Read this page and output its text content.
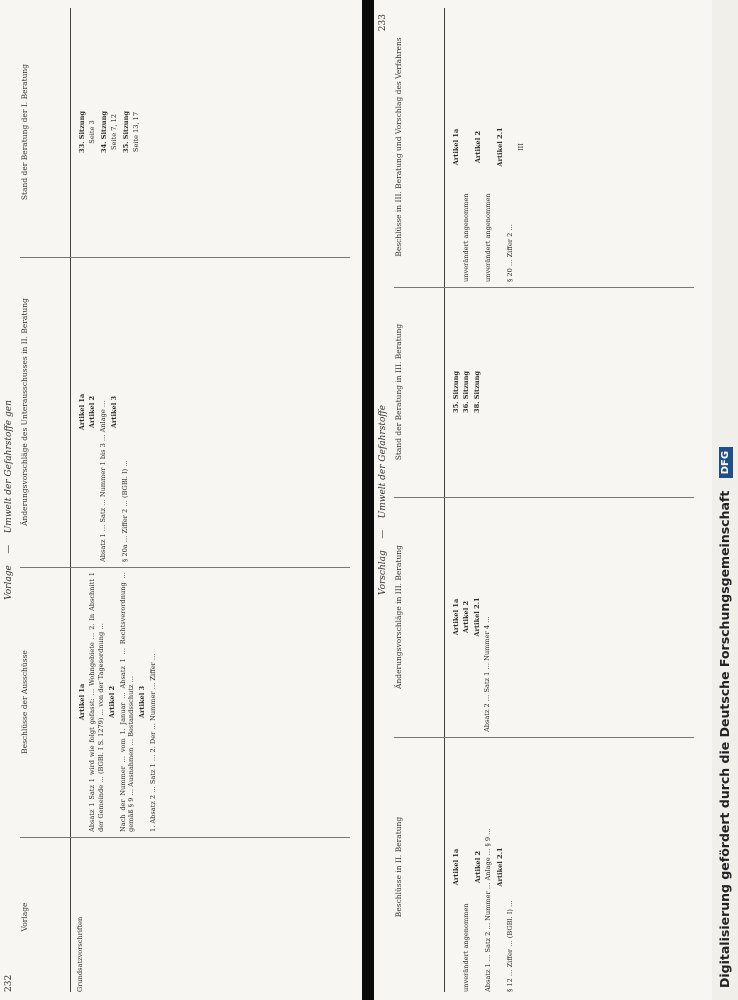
232
Vorlage    —    Umwelt der Gefahrstoffe gen
Vorlage
Beschlüsse der Ausschüsse
Änderungsvorschläge des Unterausschusses in II. Beratung
Stand der Beratung der I. Beratung

Grundsatzvorschriften

Artikel 1a Absatz 1 Satz 1 wird wie folgt gefasst: … Wohngebiete … 2. In Abschnitt 1 der Gemeinde … (BGBl. I S. 1279) … von der Tagesordnung … Artikel 2 Nach der Nummer … vom 1. Januar … Absatz 1 … Rechtsverordnung … gemäß § 9 … Ausnahmen … Bestandsschutz … Artikel 3 1. Absatz 2 … Satz 1 … 2. Der … Nummer … Ziffer …

Artikel 1a Artikel 2 Absatz 1 … Satz … Nummer 1 bis 3 … Anlage … Artikel 3

§ 20a … Ziffer 2 … (BGBl. I) …

33. Sitzung Seite 3 34. Sitzung Seite 7, 12 35. Sitzung Seite 13, 17

Vorschlag    —    Umwelt der Gefahrstoffe
233
Beschlüsse in II. Beratung
Änderungsvorschläge in III. Beratung
Stand der Beratung in III. Beratung
Beschlüsse in III. Beratung und Vorschlag des Verfahrens
Artikel 1a

unverändert angenommen

Artikel 2 Absatz 1 … Satz 2 … Nummer … Anlage … § 9 … Artikel 2.1

§ 12 … Ziffer … (BGBl. I) …

Artikel 1a Artikel 2 Artikel 2.1 Absatz 2 … Satz 1 … Nummer 4 …

35. Sitzung 36. Sitzung 38. Sitzung
Artikel 1a

unverändert angenommen

Artikel 2

unverändert angenommen

Artikel 2.1

§ 20 … Ziffer 2 …

III

Digitalisierung gefördert durch die Deutsche Forschungsgemeinschaft DFG
